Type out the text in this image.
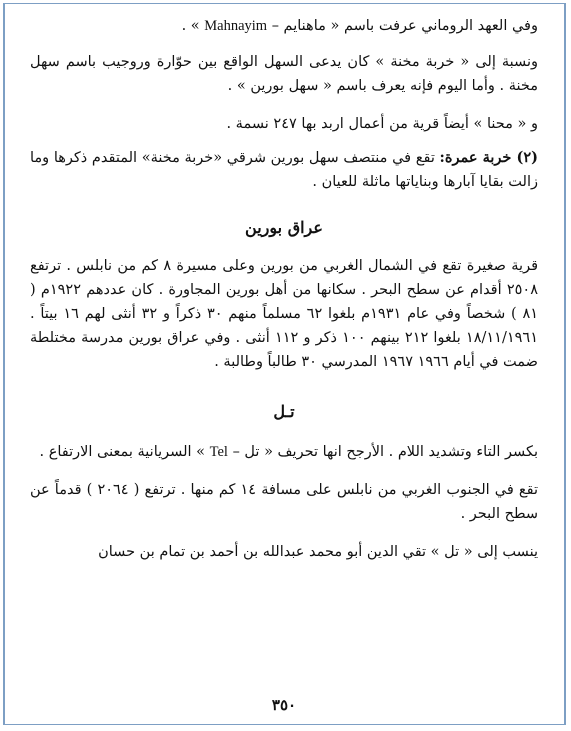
وفي العهد الروماني عرفت باسم « ماهنايم – Mahnayim » .

ونسبة إلى « خربة مخنة » كان يدعى السهل الواقع بين حوّارة وروجيب باسم سهل مخنة . وأما اليوم فإنه يعرف باسم « سهل بورين » .

و « محنا » أيضاً قرية من أعمال اربد بها ٢٤٧ نسمة .

(٢) خربة عمرة: تقع في منتصف سهل بورين شرقي «خربة مخنة» المتقدم ذكرها وما زالت بقايا آبارها وبناياتها ماثلة للعيان .

عراق بورين

قرية صغيرة تقع في الشمال الغربي من بورين وعلى مسيرة ٨ كم من نابلس . ترتفع ٢٥٠٨ أقدام عن سطح البحر . سكانها من أهل بورين المجاورة . كان عددهم ١٩٢٢م ( ٨١ ) شخصاً وفي عام ١٩٣١م بلغوا ٦٢ مسلماً منهم ٣٠ ذكراً و ٣٢ أنثى لهم ١٦ بيتاً . ١٨/١١/١٩٦١ بلغوا ٢١٢ بينهم ١٠٠ ذكر و ١١٢ أنثى . وفي عراق بورين مدرسة مختلطة ضمت في أيام ١٩٦٦ ١٩٦٧ المدرسي ٣٠ طالباً وطالبة .

تـل

بكسر التاء وتشديد اللام . الأرجح انها تحريف « تل – Tel » السريانية بمعنى الارتفاع .

تقع في الجنوب الغربي من نابلس على مسافة ١٤ كم منها . ترتفع ( ٢٠٦٤ ) قدماً عن سطح البحر .

ينسب إلى « تل » تقي الدين أبو محمد عبدالله بن أحمد بن تمام بن حسان

٣٥٠
